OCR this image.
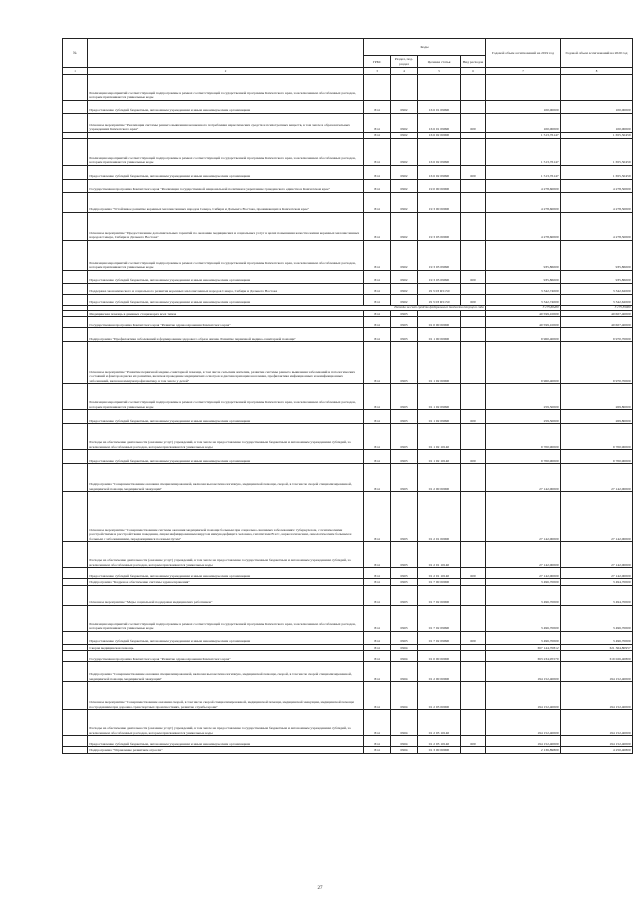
№		Коды				Годовой объем ассигнований на 2019 год	Годовой объем ассигнований на 2020 год
		ГРБС	Раздел, под-раздел	Целевая статья	Вид расходов		
1	2	3	4	5	6	7	8
	Реализация мероприятий соответствующей подпрограммы в рамках соответствующей государственной программы Камчатского края, за исключением обособленных расходов, которым присваиваются уникальные коды						
	Предоставление субсидий бюджетным, автономным учреждениям и иным некоммерческим организациям	814	0902	16 6 01 09990		100,00000	100,00000
	Основное мероприятие "Реализация системы раннего выявления незаконного потребления наркотических средств и психотропных веществ, в том числе в образовательных учреждениях Камчатского края"	814	0902	16 6 01 09990	600	100,00000	100,00000
		814	0902	16 6 02 00000		1 513,76147	1 655,50459
	Реализация мероприятий соответствующей подпрограммы в рамках соответствующей государственной программы Камчатского края, за исключением обособленных расходов, которым присваиваются уникальные коды	814	0902	16 6 02 09990		1 513,76147	1 655,50459
	Предоставление субсидий бюджетным, автономным учреждениям и иным некоммерческим организациям	814	0902	16 6 02 09990	600	1 513,76147	1 655,50459
	Государственная программа Камчатского края "Реализация государственной национальной политики и укрепление гражданского единства в Камчатском крае"	814	0902	19 0 00 00000		4 278,60000	4 278,50000
	Подпрограмма "Устойчивое развитие коренных малочисленных народов Севера, Сибири и Дальнего Востока, проживающих в Камчатском крае"	814	0902	19 3 00 00000		4 278,60000	4 278,50000
	Основное мероприятие "Предоставление дополнительных гарантий по оказанию медицинских и социальных услуг в целях повышения качества жизни коренных малочисленных народов Севера, Сибири и Дальнего Востока"	814	0902	19 3 03 00000		4 278,60000	4 278,50000
	Реализация мероприятий соответствующей подпрограммы в рамках соответствующей государственной программы Камчатского края, за исключением обособленных расходов, которым присваиваются уникальные коды	814	0902	19 3 03 09990		935,86000	935,86000
	Предоставление субсидий бюджетным, автономным учреждениям и иным некоммерческим организациям	814	0902	19 3 03 09990	600	935,86000	935,86000
	Поддержка экономического и социального развития коренных малочисленных народов Севера, Сибири и Дальнего Востока	814	0902	19 3 03 R5150		3 342,74000	3 342,62000
	Предоставление субсидий бюджетным, автономным учреждениям и иным некоммерческим организациям	814	0902	19 3 03 R5150	600	3 342,74000	3 342,62000
	Расходы за счет средств федерального бюджета текущего года					3 175,60400	3 175,39900
	Медицинская помощь в дневных стационарах всех типов	814	0903			40 599,10000	40 607,40000
	Государственная программа Камчатского края "Развитие здравоохранения Камчатского края"	814	0903	01 0 00 00000		40 599,10000	40 607,40000
	Подпрограмма "Профилактика заболеваний и формирование здорового образа жизни. Развитие первичной медико-санитарной помощи"	814	0903	01 1 00 00000		9 960,40000	9 970,70000
	Основное мероприятие "Развитие первичной медико-санитарной помощи, в том числе сельским жителям, развитие системы раннего выявления заболеваний и патологических состояний и факторов риска их развития, включая проведение медицинских осмотров и диспансеризации населения, профилактика инфекционных и неинфекционных заболеваний, включая иммунопрофилактику, в том числе у детей"	814	0903	01 1 02 00000		9 960,40000	9 970,70000
	Реализация мероприятий соответствующей подпрограммы в рамках соответствующей государственной программы Камчатского края, за исключением обособленных расходов, которым присваиваются уникальные коды	814	0903	01 1 02 09990		259,50000	269,80000
	Предоставление субсидий бюджетным, автономным учреждениям и иным некоммерческим организациям	814	0903	01 1 02 09990	600	259,50000	269,80000
	Расходы на обеспечение деятельности (оказание услуг) учреждений, в том числе на предоставление государственным бюджетным и автономным учреждениям субсидий, за исключением обособленных расходов, которым присваиваются уникальные коды	814	0903	01 1 02 10140		9 700,90000	9 700,90000
	Предоставление субсидий бюджетным, автономным учреждениям и иным некоммерческим организациям	814	0903	01 1 02 10140	600	9 700,90000	9 700,90000
	Подпрограмма "Совершенствование оказания специализированной, включая высокотехнологичную, медицинской помощи, скорой, в том числе скорой специализированной, медицинской помощи, медицинской эвакуации"	814	0903	01 2 00 00000		27 142,00000	27 142,00000
	Основное мероприятие "Совершенствование системы оказания медицинской помощи больным при социально-значимых заболеваниях: туберкулезом, с психическими расстройствами и расстройствами поведения, лицам инфицированным вирусом иммунодефицита человека, гепатитами В и С, наркологическим, онкологическим больным и больным с заболеваниями, передающимися половым путем"	814	0903	01 2 01 00000		27 142,00000	27 142,00000
	Расходы на обеспечение деятельности (оказание услуг) учреждений, в том числе на предоставление государственным бюджетным и автономным учреждениям субсидий, за исключением обособленных расходов, которым присваиваются уникальные коды	814	0903	01 2 01 10140		27 142,00000	27 142,00000
	Предоставление субсидий бюджетным, автономным учреждениям и иным некоммерческим организациям	814	0903	01 2 01 10140	600	27 142,00000	27 142,00000
	Подпрограмма "Кадровое обеспечение системы здравоохранения"	814	0903	01 7 00 00000		3 496,70000	3 494,70000
	Основное мероприятие "Меры социальной поддержки медицинских работников"	814	0903	01 7 02 00000		3 496,70000	3 494,70000
	Реализация мероприятий соответствующей подпрограммы в рамках соответствующей государственной программы Камчатского края, за исключением обособленных расходов, которым присваиваются уникальные коды	814	0903	01 7 02 09990		3 496,70000	3 496,70000
	Предоставление субсидий бюджетным, автономным учреждениям и иным некоммерческим организациям	814	0903	01 7 02 09990	600	3 496,70000	3 496,70000
	Скорая медицинская помощь	814	0904			367 144,70812	321 364,80957
	Государственная программа Камчатского края "Развитие здравоохранения Камчатского края"	814	0904	01 0 00 00000		363 234,95570	319 026,40800
	Подпрограмма "Совершенствование оказания специализированной, включая высокотехнологичную, медицинской помощи, скорой, в том числе скорой специализированной, медицинской помощи, медицинской эвакуации"	814	0904	01 2 00 00000		194 152,40000	194 152,40000
	Основное мероприятие "Совершенствование оказания скорой, в том числе скорой специализированной, медицинской помощи, медицинской эвакуации, медицинской помощи пострадавшим при дорожно-транспортных происшествиях, развитие службы крови"	814	0904	01 2 03 00000		194 152,40000	194 152,40000
	Расходы на обеспечение деятельности (оказание услуг) учреждений, в том числе на предоставление государственным бюджетным и автономным учреждениям субсидий, за исключением обособленных расходов, которым присваиваются уникальные коды	814	0904	01 2 03 10140		194 152,40000	194 152,40000
	Предоставление субсидий бюджетным, автономным учреждениям и иным некоммерческим организациям	814	0904	01 2 03 10140	600	194 152,40000	194 152,40000
	Подпрограмма "Управление развитием отрасли"	814	0904	01 3 00 00000		2 136,89800	4 250,40800
27
